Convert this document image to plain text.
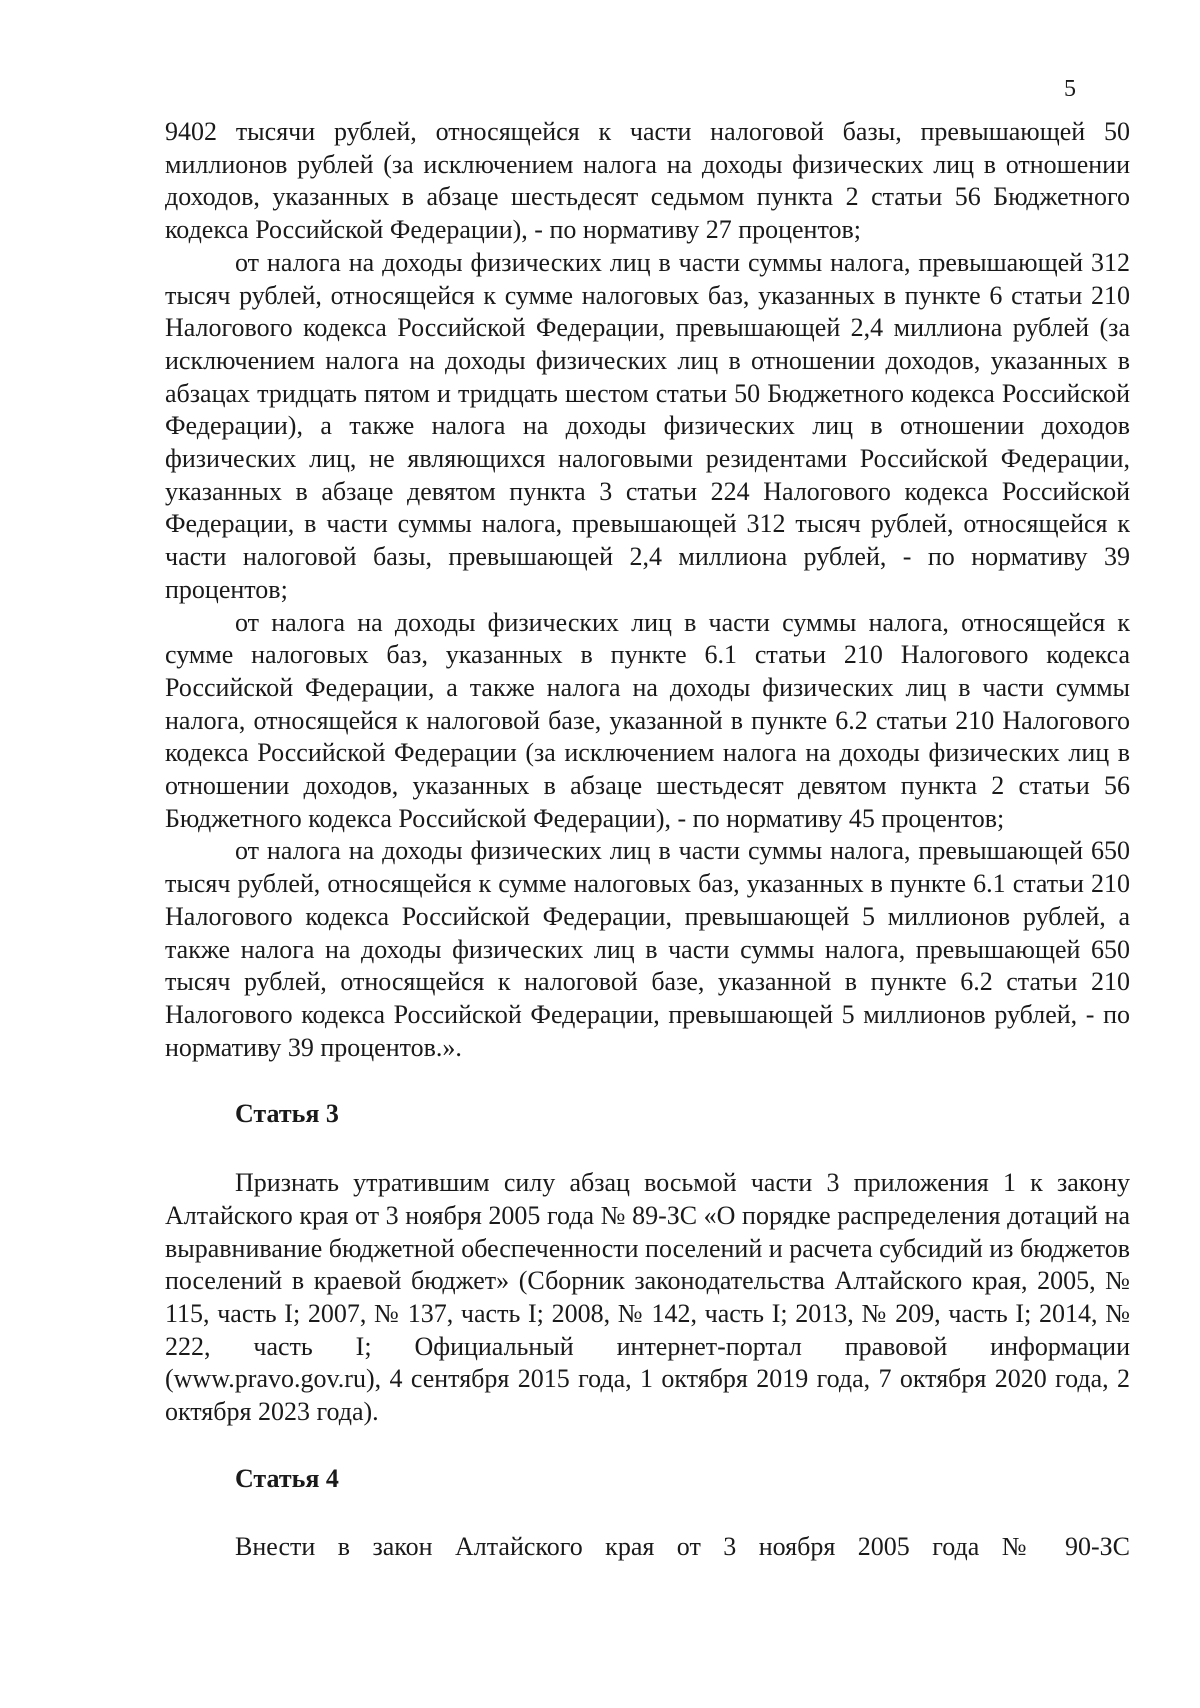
5

9402 тысячи рублей, относящейся к части налоговой базы, превышающей 50 миллионов рублей (за исключением налога на доходы физических лиц в отношении доходов, указанных в абзаце шестьдесят седьмом пункта 2 статьи 56 Бюджетного кодекса Российской Федерации), - по нормативу 27 процентов;

от налога на доходы физических лиц в части суммы налога, превышающей 312 тысяч рублей, относящейся к сумме налоговых баз, указанных в пункте 6 статьи 210 Налогового кодекса Российской Федерации, превышающей 2,4 миллиона рублей (за исключением налога на доходы физических лиц в отношении доходов, указанных в абзацах тридцать пятом и тридцать шестом статьи 50 Бюджетного кодекса Российской Федерации), а также налога на доходы физических лиц в отношении доходов физических лиц, не являющихся налоговыми резидентами Российской Федерации, указанных в абзаце девятом пункта 3 статьи 224 Налогового кодекса Российской Федерации, в части суммы налога, превышающей 312 тысяч рублей, относящейся к части налоговой базы, превышающей 2,4 миллиона рублей, - по нормативу 39 процентов;

от налога на доходы физических лиц в части суммы налога, относящейся к сумме налоговых баз, указанных в пункте 6.1 статьи 210 Налогового кодекса Российской Федерации, а также налога на доходы физических лиц в части суммы налога, относящейся к налоговой базе, указанной в пункте 6.2 статьи 210 Налогового кодекса Российской Федерации (за исключением налога на доходы физических лиц в отношении доходов, указанных в абзаце шестьдесят девятом пункта 2 статьи 56 Бюджетного кодекса Российской Федерации), - по нормативу 45 процентов;

от налога на доходы физических лиц в части суммы налога, превышающей 650 тысяч рублей, относящейся к сумме налоговых баз, указанных в пункте 6.1 статьи 210 Налогового кодекса Российской Федерации, превышающей 5 миллионов рублей, а также налога на доходы физических лиц в части суммы налога, превышающей 650 тысяч рублей, относящейся к налоговой базе, указанной в пункте 6.2 статьи 210 Налогового кодекса Российской Федерации, превышающей 5 миллионов рублей, - по нормативу 39 процентов.».

Статья 3

Признать утратившим силу абзац восьмой части 3 приложения 1 к закону Алтайского края от 3 ноября 2005 года № 89-ЗС «О порядке распределения дотаций на выравнивание бюджетной обеспеченности поселений и расчета субсидий из бюджетов поселений в краевой бюджет» (Сборник законодательства Алтайского края, 2005, № 115, часть I; 2007, № 137, часть I; 2008, № 142, часть I; 2013, № 209, часть I; 2014, № 222, часть I; Официальный интернет-портал правовой информации (www.pravo.gov.ru), 4 сентября 2015 года, 1 октября 2019 года, 7 октября 2020 года, 2 октября 2023 года).

Статья 4

Внести в закон Алтайского края от 3 ноября 2005 года № 90-ЗС
